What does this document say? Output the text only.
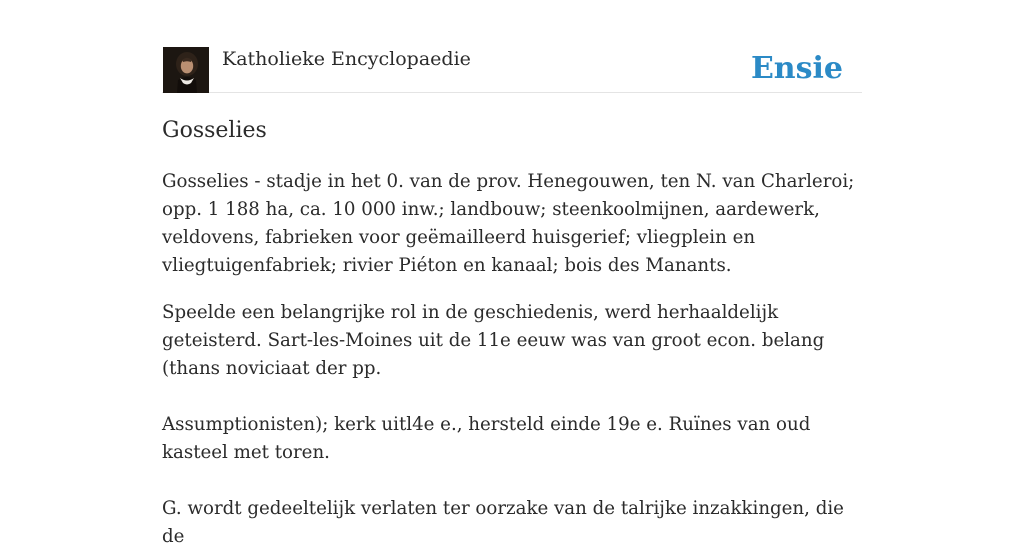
Katholieke Encyclopaedie	Ensie
Gosselies

Gosselies - stadje in het 0. van de prov. Henegouwen, ten N. van Charleroi; opp. 1 188 ha, ca. 10 000 inw.; landbouw; steenkoolmijnen, aardewerk, veldovens, fabrieken voor geëmailleerd huisgerief; vliegplein en vliegtuigenfabriek; rivier Piéton en kanaal; bois des Manants.

Speelde een belangrijke rol in de geschiedenis, werd herhaaldelijk geteisterd. Sart-les-Moines uit de 11e eeuw was van groot econ. belang (thans noviciaat der pp.

Assumptionisten); kerk uitl4e e., hersteld einde 19e e. Ruïnes van oud kasteel met toren.

G. wordt gedeeltelijk verlaten ter oorzake van de talrijke inzakkingen, die de
